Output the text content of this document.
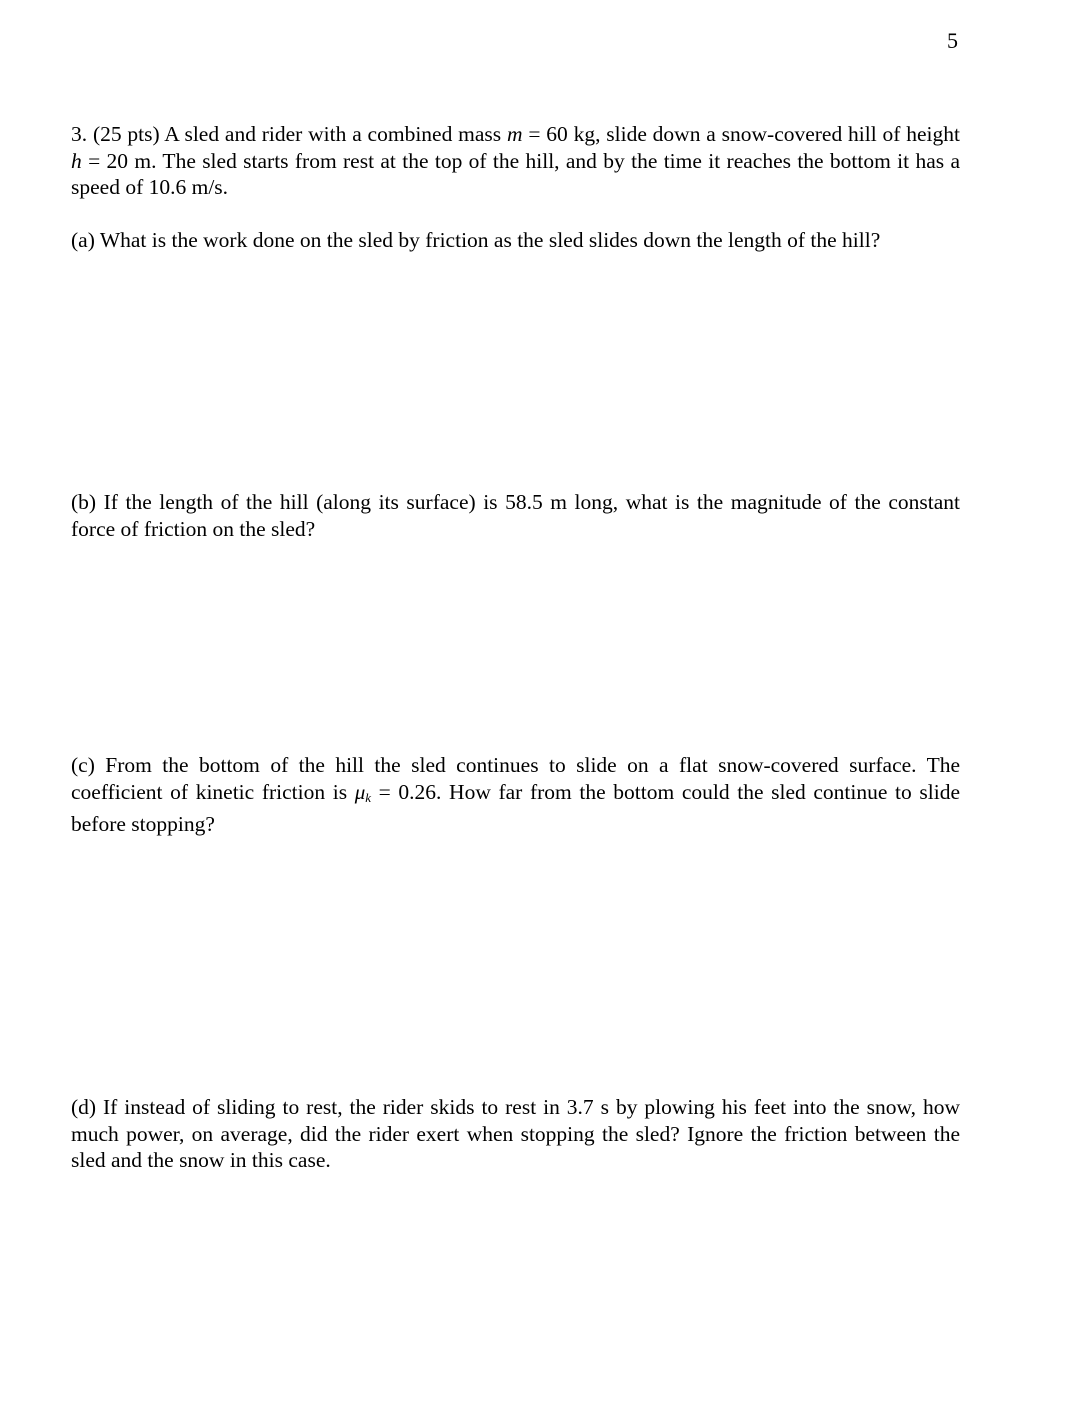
5

3. (25 pts) A sled and rider with a combined mass m = 60 kg, slide down a snow-covered hill of height h = 20 m. The sled starts from rest at the top of the hill, and by the time it reaches the bottom it has a speed of 10.6 m/s.

(a) What is the work done on the sled by friction as the sled slides down the length of the hill?

(b) If the length of the hill (along its surface) is 58.5 m long, what is the magnitude of the constant force of friction on the sled?

(c) From the bottom of the hill the sled continues to slide on a flat snow-covered surface. The coefficient of kinetic friction is $\mu_k = 0.26$. How far from the bottom could the sled continue to slide before stopping?

(d) If instead of sliding to rest, the rider skids to rest in 3.7 s by plowing his feet into the snow, how much power, on average, did the rider exert when stopping the sled? Ignore the friction between the sled and the snow in this case.
